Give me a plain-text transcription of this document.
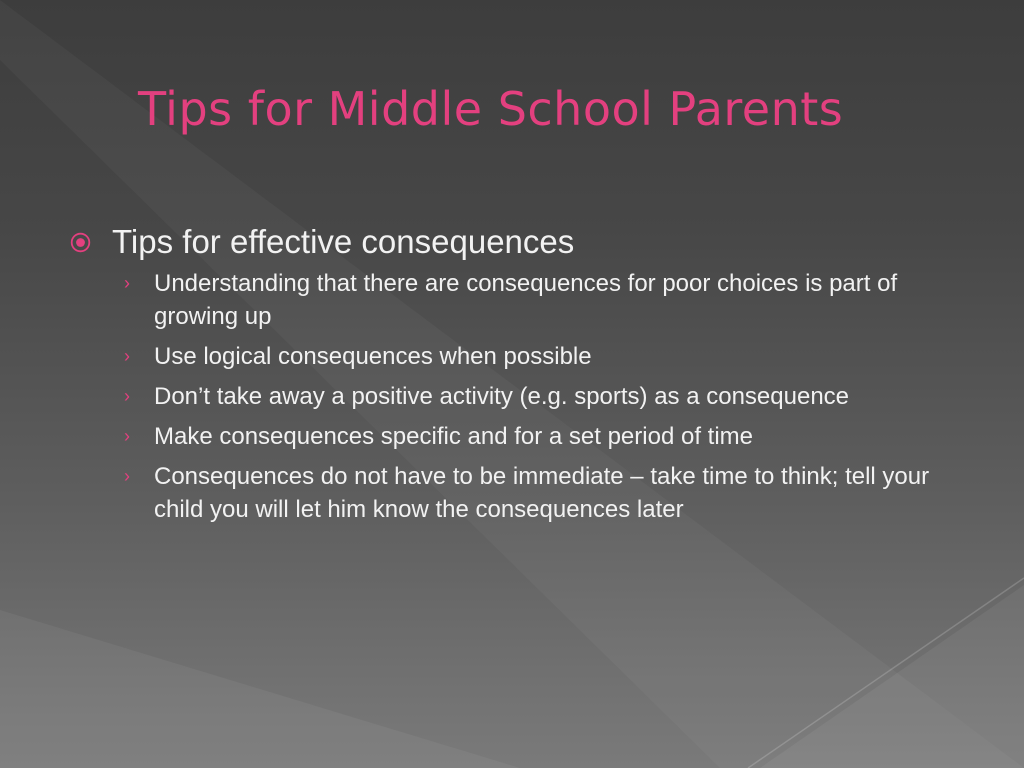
Tips for Middle School Parents
Tips for effective consequences
› Understanding that there are consequences for poor choices is part of growing up
› Use logical consequences when possible
› Don’t take away a positive activity (e.g. sports) as a consequence
› Make consequences specific and for a set period of time
› Consequences do not have to be immediate – take time to think; tell your child you will let him know the consequences later
